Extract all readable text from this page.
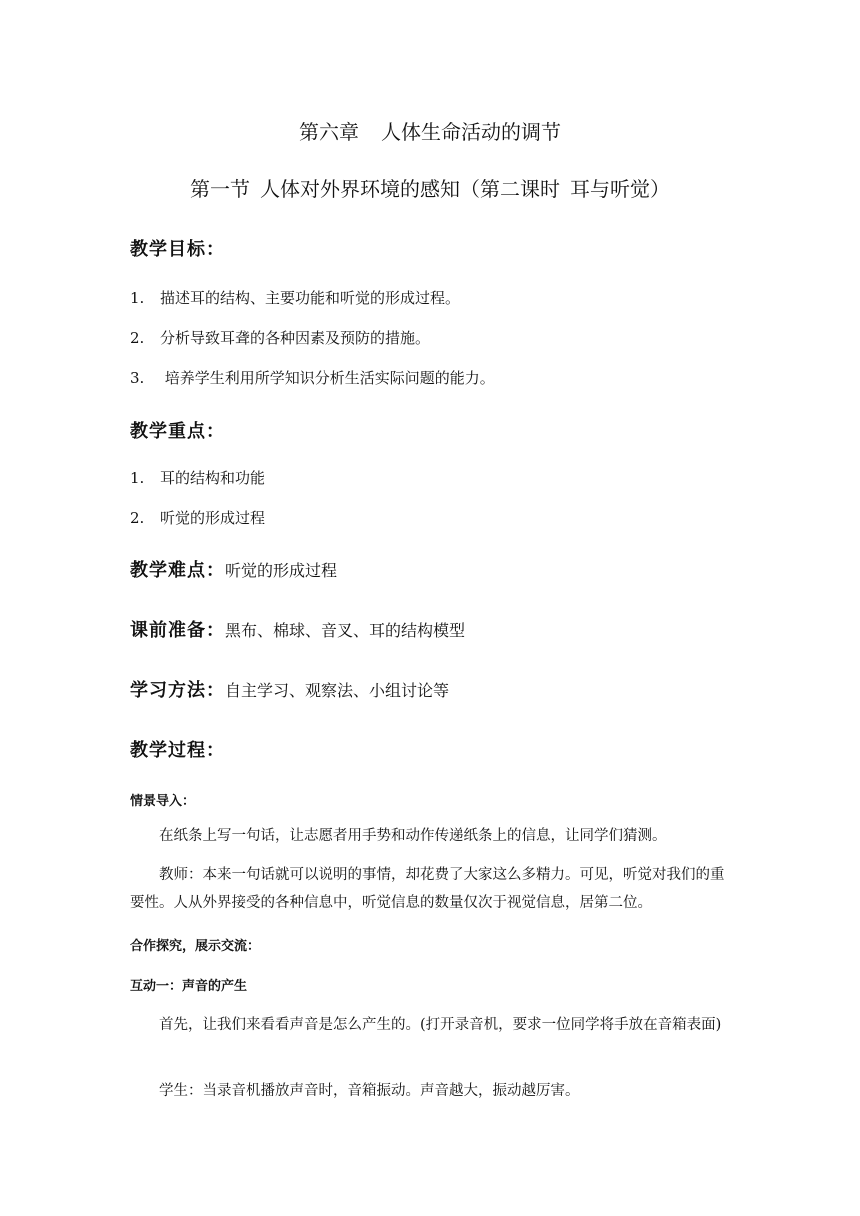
第六章 人体生命活动的调节
第一节 人体对外界环境的感知（第二课时 耳与听觉）
教学目标：
1. 描述耳的结构、主要功能和听觉的形成过程。
2. 分析导致耳聋的各种因素及预防的措施。
3. 培养学生利用所学知识分析生活实际问题的能力。
教学重点：
1. 耳的结构和功能
2. 听觉的形成过程
教学难点：听觉的形成过程
课前准备：黑布、棉球、音叉、耳的结构模型
学习方法：自主学习、观察法、小组讨论等
教学过程：
情景导入：
在纸条上写一句话，让志愿者用手势和动作传递纸条上的信息，让同学们猜测。
教师：本来一句话就可以说明的事情，却花费了大家这么多精力。可见，听觉对我们的重要性。人从外界接受的各种信息中，听觉信息的数量仅次于视觉信息，居第二位。
合作探究，展示交流：
互动一：声音的产生
首先，让我们来看看声音是怎么产生的。(打开录音机，要求一位同学将手放在音箱表面)
学生：当录音机播放声音时，音箱振动。声音越大，振动越厉害。
